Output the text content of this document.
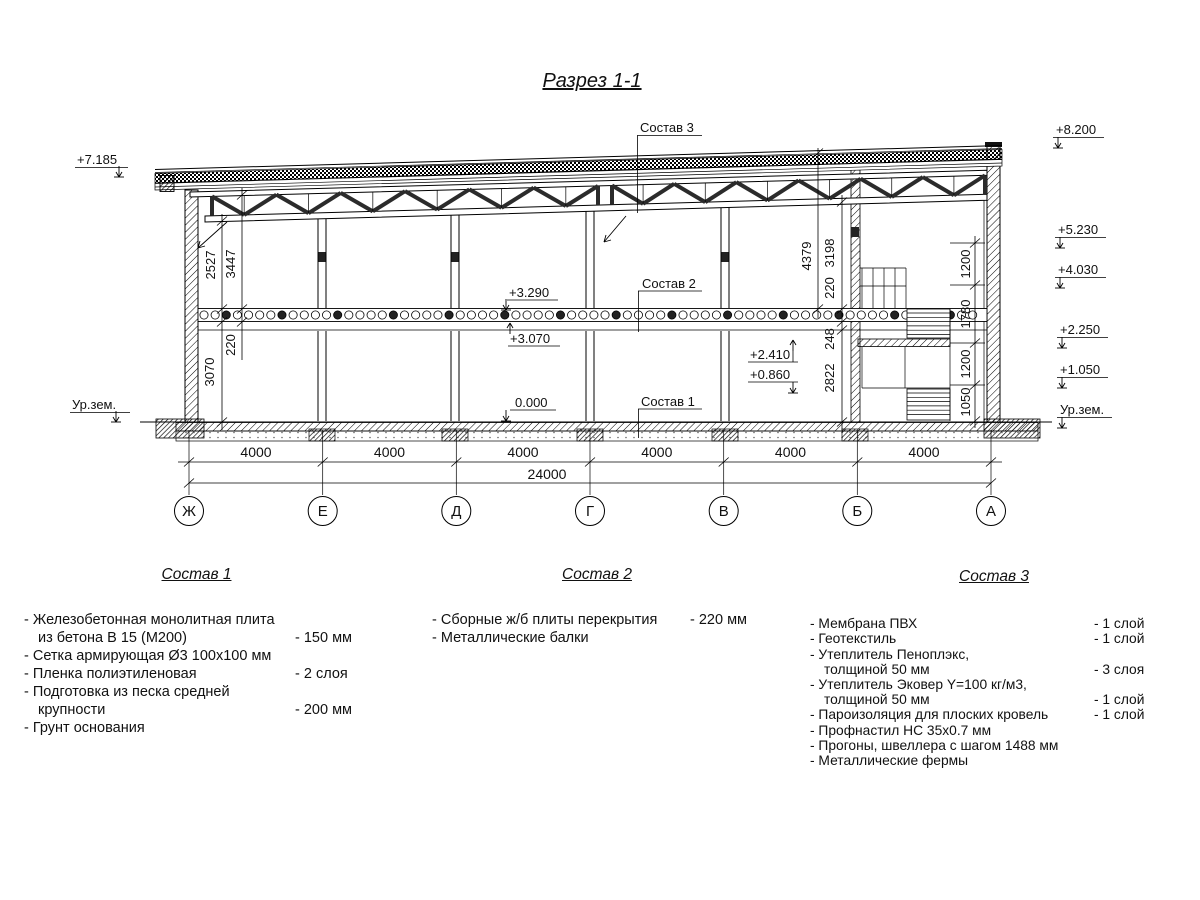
Разрез 1-1
2527 3447
220
3070
4379 3198
220
248
2822
1200
1780
1200
1050
4000	4000	4000	4000	4000	4000
24000
+7.185
Ур.зем.
+8.200
+5.230
+4.030
+2.250
+1.050
Ур.зем.
+3.290
+3.070
0.000
+2.410
+0.860
Состав 3
Состав 2
Состав 1
Ж	Е	Д	Г	В	Б	А
Состав 1
- Железобетонная монолитная плита
из бетона В 15 (М200)	- 150 мм
- Сетка армирующая Ø3 100х100 мм
- Пленка полиэтиленовая	- 2 слоя
- Подготовка из песка средней
крупности	- 200 мм
- Грунт основания
Состав 2
- Сборные ж/б плиты перекрытия - 220 мм
- Металлические балки
Состав 3
- Мембрана ПВХ	- 1 слой
- Геотекстиль	- 1 слой
- Утеплитель Пеноплэкс,
толщиной 50 мм	- 3 слоя
- Утеплитель Эковер Y=100 кг/м3,
толщиной 50 мм	- 1 слой
- Пароизоляция для плоских кровель	- 1 слой
- Профнастил НС 35х0.7 мм
- Прогоны, швеллера с шагом 1488 мм
- Металлические фермы
